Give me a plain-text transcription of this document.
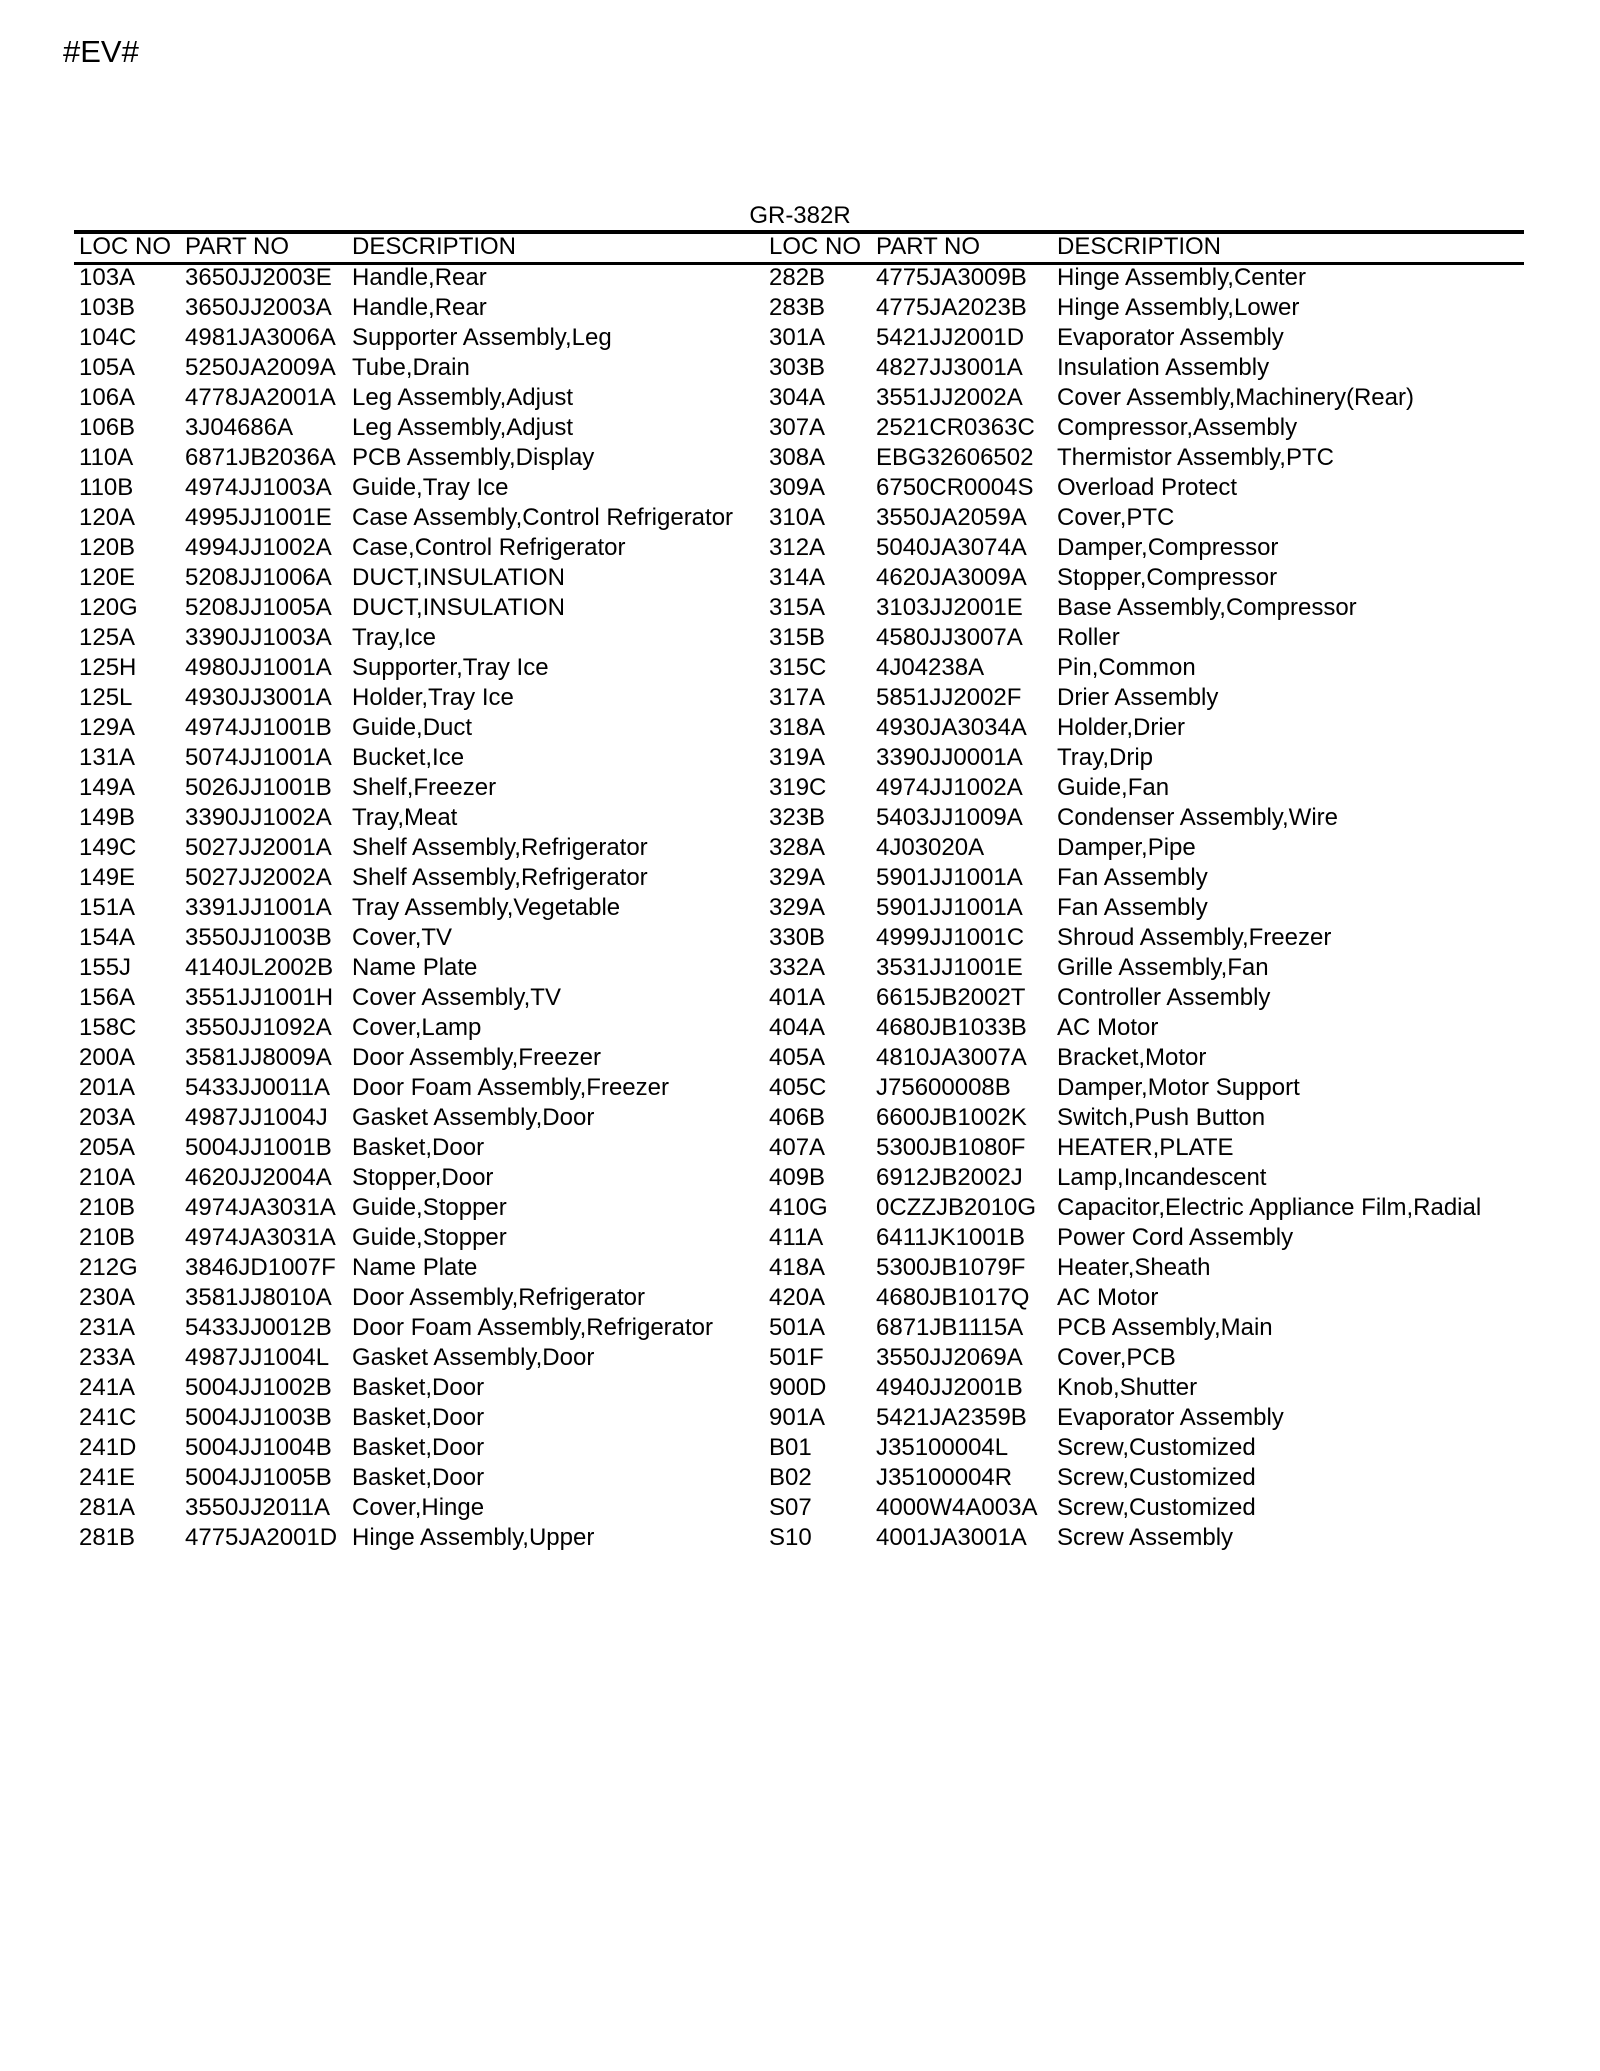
#EV#
GR-382R
LOC NO
103A
103B
104C
105A
106A
106B
110A
110B
120A
120B
120E
120G
125A
125H
125L
129A
131A
149A
149B
149C
149E
151A
154A
155J
156A
158C
200A
201A
203A
205A
210A
210B
210B
212G
230A
231A
233A
241A
241C
241D
241E
281A
281B
PART NO
3650JJ2003E
3650JJ2003A
4981JA3006A
5250JA2009A
4778JA2001A
3J04686A
6871JB2036A
4974JJ1003A
4995JJ1001E
4994JJ1002A
5208JJ1006A
5208JJ1005A
3390JJ1003A
4980JJ1001A
4930JJ3001A
4974JJ1001B
5074JJ1001A
5026JJ1001B
3390JJ1002A
5027JJ2001A
5027JJ2002A
3391JJ1001A
3550JJ1003B
4140JL2002B
3551JJ1001H
3550JJ1092A
3581JJ8009A
5433JJ0011A
4987JJ1004J
5004JJ1001B
4620JJ2004A
4974JA3031A
4974JA3031A
3846JD1007F
3581JJ8010A
5433JJ0012B
4987JJ1004L
5004JJ1002B
5004JJ1003B
5004JJ1004B
5004JJ1005B
3550JJ2011A
4775JA2001D
DESCRIPTION
Handle,Rear
Handle,Rear
Supporter Assembly,Leg
Tube,Drain
Leg Assembly,Adjust
Leg Assembly,Adjust
PCB Assembly,Display
Guide,Tray Ice
Case Assembly,Control Refrigerator
Case,Control Refrigerator
DUCT,INSULATION
DUCT,INSULATION
Tray,Ice
Supporter,Tray Ice
Holder,Tray Ice
Guide,Duct
Bucket,Ice
Shelf,Freezer
Tray,Meat
Shelf Assembly,Refrigerator
Shelf Assembly,Refrigerator
Tray Assembly,Vegetable
Cover,TV
Name Plate
Cover Assembly,TV
Cover,Lamp
Door Assembly,Freezer
Door Foam Assembly,Freezer
Gasket Assembly,Door
Basket,Door
Stopper,Door
Guide,Stopper
Guide,Stopper
Name Plate
Door Assembly,Refrigerator
Door Foam Assembly,Refrigerator
Gasket Assembly,Door
Basket,Door
Basket,Door
Basket,Door
Basket,Door
Cover,Hinge
Hinge Assembly,Upper
LOC NO
282B
283B
301A
303B
304A
307A
308A
309A
310A
312A
314A
315A
315B
315C
317A
318A
319A
319C
323B
328A
329A
329A
330B
332A
401A
404A
405A
405C
406B
407A
409B
410G
411A
418A
420A
501A
501F
900D
901A
B01
B02
S07
S10
PART NO
4775JA3009B
4775JA2023B
5421JJ2001D
4827JJ3001A
3551JJ2002A
2521CR0363C
EBG32606502
6750CR0004S
3550JA2059A
5040JA3074A
4620JA3009A
3103JJ2001E
4580JJ3007A
4J04238A
5851JJ2002F
4930JA3034A
3390JJ0001A
4974JJ1002A
5403JJ1009A
4J03020A
5901JJ1001A
5901JJ1001A
4999JJ1001C
3531JJ1001E
6615JB2002T
4680JB1033B
4810JA3007A
J75600008B
6600JB1002K
5300JB1080F
6912JB2002J
0CZZJB2010G
6411JK1001B
5300JB1079F
4680JB1017Q
6871JB1115A
3550JJ2069A
4940JJ2001B
5421JA2359B
J35100004L
J35100004R
4000W4A003A
4001JA3001A
DESCRIPTION
Hinge Assembly,Center
Hinge Assembly,Lower
Evaporator Assembly
Insulation Assembly
Cover Assembly,Machinery(Rear)
Compressor,Assembly
Thermistor Assembly,PTC
Overload Protect
Cover,PTC
Damper,Compressor
Stopper,Compressor
Base Assembly,Compressor
Roller
Pin,Common
Drier Assembly
Holder,Drier
Tray,Drip
Guide,Fan
Condenser Assembly,Wire
Damper,Pipe
Fan Assembly
Fan Assembly
Shroud Assembly,Freezer
Grille Assembly,Fan
Controller Assembly
AC Motor
Bracket,Motor
Damper,Motor Support
Switch,Push Button
HEATER,PLATE
Lamp,Incandescent
Capacitor,Electric Appliance Film,Radial
Power Cord Assembly
Heater,Sheath
AC Motor
PCB Assembly,Main
Cover,PCB
Knob,Shutter
Evaporator Assembly
Screw,Customized
Screw,Customized
Screw,Customized
Screw Assembly
